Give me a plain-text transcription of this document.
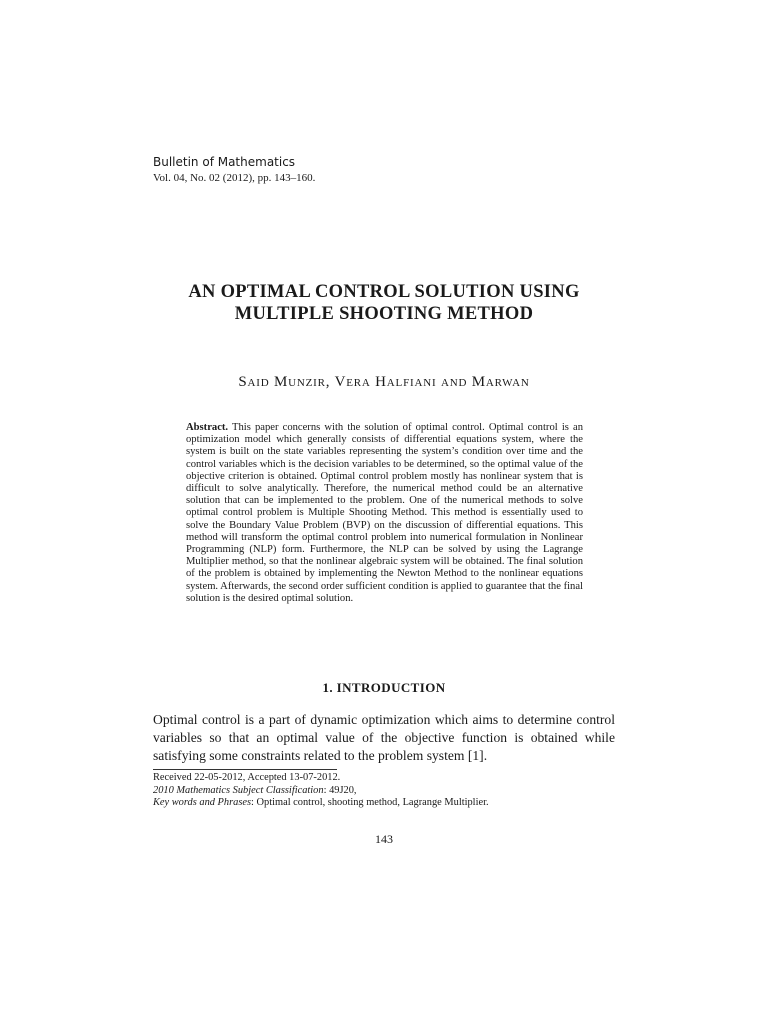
Bulletin of Mathematics
Vol. 04, No. 02 (2012), pp. 143–160.
AN OPTIMAL CONTROL SOLUTION USING
MULTIPLE SHOOTING METHOD
Said Munzir, Vera Halfiani and Marwan
Abstract. This paper concerns with the solution of optimal control. Optimal control is an optimization model which generally consists of differential equations system, where the system is built on the state variables representing the system’s condition over time and the control variables which is the decision variables to be determined, so the optimal value of the objective criterion is obtained. Optimal control problem mostly has nonlinear system that is difficult to solve analytically. Therefore, the numerical method could be an alternative solution that can be implemented to the problem. One of the numerical methods to solve optimal control problem is Multiple Shooting Method. This method is essentially used to solve the Boundary Value Problem (BVP) on the discussion of differential equations. This method will transform the optimal control problem into numerical formulation in Nonlinear Programming (NLP) form. Furthermore, the NLP can be solved by using the Lagrange Multiplier method, so that the nonlinear algebraic system will be obtained. The final solution of the problem is obtained by implementing the Newton Method to the nonlinear equations system. Afterwards, the second order sufficient condition is applied to guarantee that the final solution is the desired optimal solution.
1. INTRODUCTION
Optimal control is a part of dynamic optimization which aims to determine control variables so that an optimal value of the objective function is obtained while satisfying some constraints related to the problem system [1].
Received 22-05-2012, Accepted 13-07-2012.
2010 Mathematics Subject Classification: 49J20,
Key words and Phrases: Optimal control, shooting method, Lagrange Multiplier.
143
